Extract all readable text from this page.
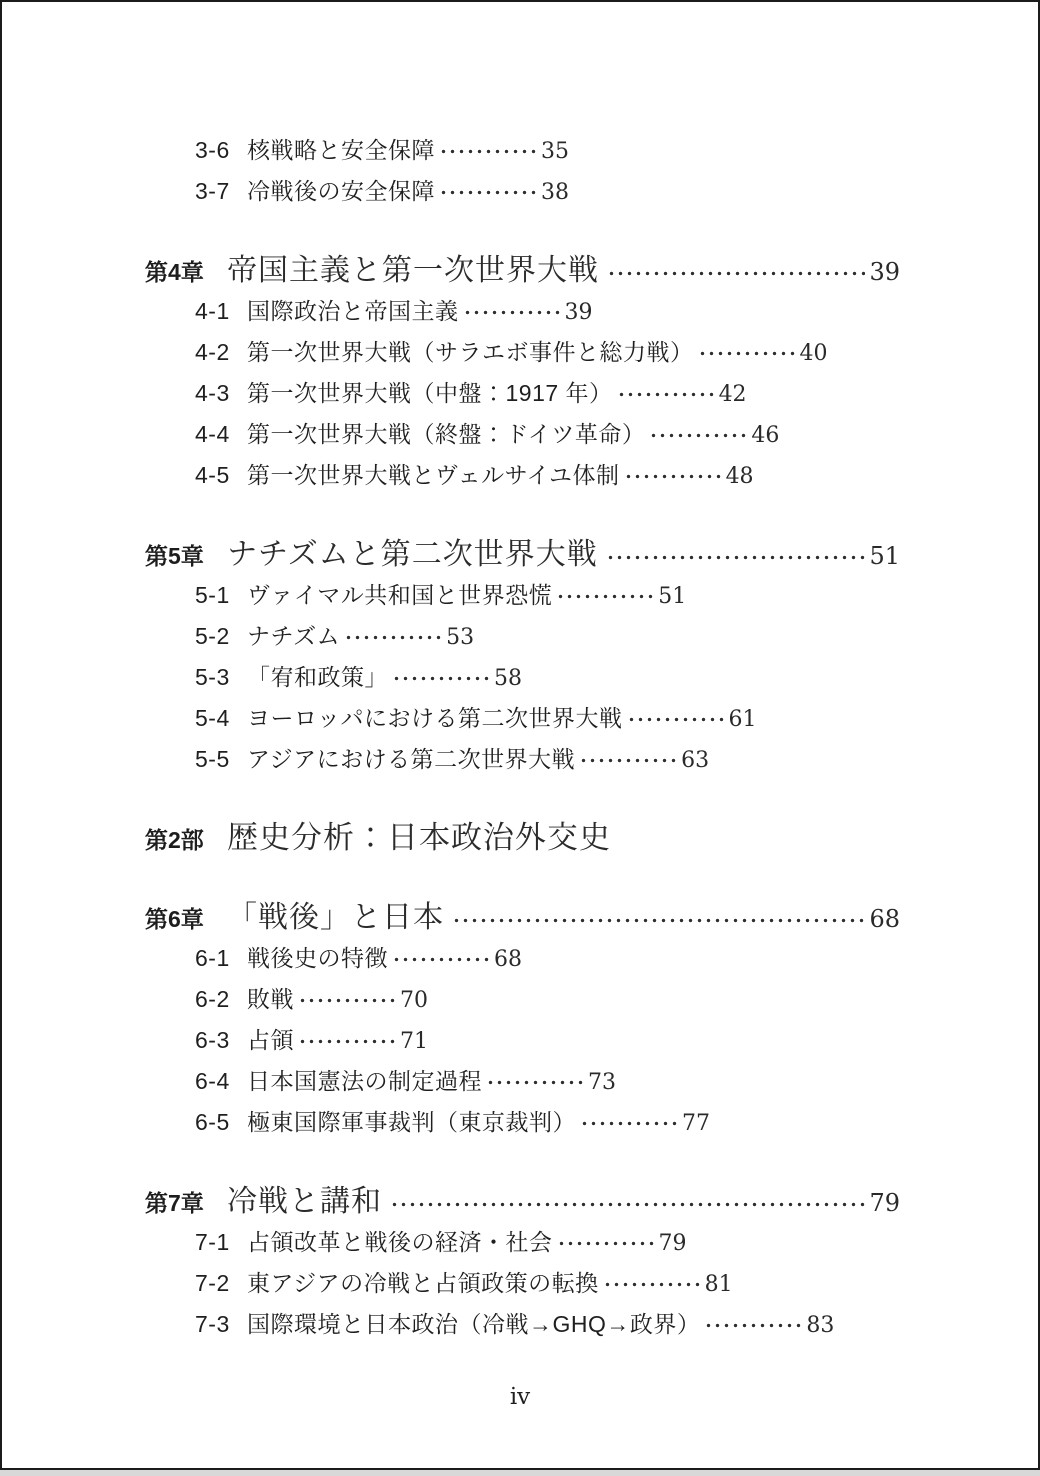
3-6 核戦略と安全保障	35
3-7 冷戦後の安全保障	38
第4章 帝国主義と第一次世界大戦	39
4-1 国際政治と帝国主義	39
4-2 第一次世界大戦（サラエボ事件と総力戦）	40
4-3 第一次世界大戦（中盤：1917 年）	42
4-4 第一次世界大戦（終盤：ドイツ革命）	46
4-5 第一次世界大戦とヴェルサイユ体制	48
第5章 ナチズムと第二次世界大戦	51
5-1 ヴァイマル共和国と世界恐慌	51
5-2 ナチズム	53
5-3 「宥和政策」	58
5-4 ヨーロッパにおける第二次世界大戦	61
5-5 アジアにおける第二次世界大戦	63
第2部 歴史分析：日本政治外交史
第6章 「戦後」と日本	68
6-1 戦後史の特徴	68
6-2 敗戦	70
6-3 占領	71
6-4 日本国憲法の制定過程	73
6-5 極東国際軍事裁判（東京裁判）	77
第7章 冷戦と講和	79
7-1 占領改革と戦後の経済・社会	79
7-2 東アジアの冷戦と占領政策の転換	81
7-3 国際環境と日本政治（冷戦→GHQ→政界）	83
iv
